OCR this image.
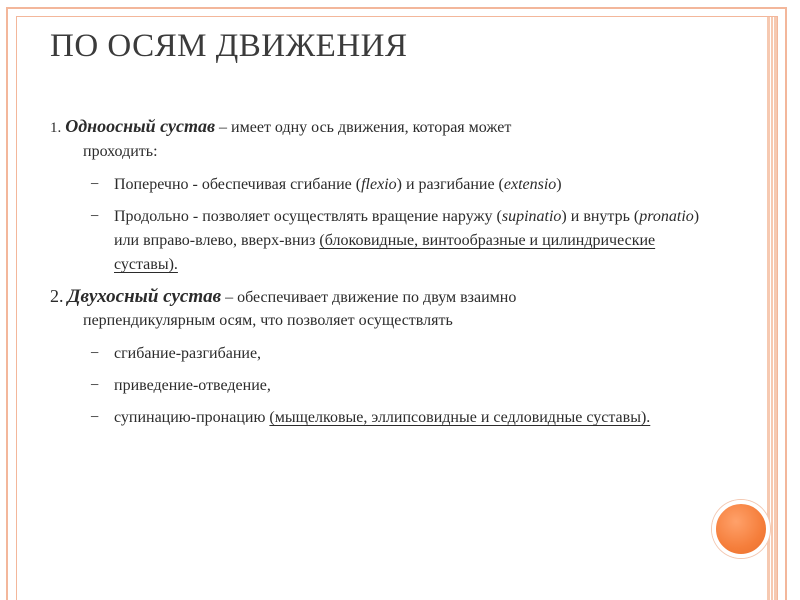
ПО ОСЯМ ДВИЖЕНИЯ
1. Одноосный сустав – имеет одну ось движения, которая может
проходить:
− Поперечно - обеспечивая сгибание (flexio) и разгибание (extensio)
− Продольно - позволяет осуществлять вращение наружу (supinatio) и внутрь (pronatio) или вправо-влево, вверх-вниз (блоковидные, винтообразные и цилиндрические суставы).
2. Двухосный сустав – обеспечивает движение по двум взаимно
перпендикулярным осям, что позволяет осуществлять
− сгибание-разгибание,
− приведение-отведение,
− супинацию-пронацию (мыщелковые, эллипсовидные и седловидные суставы).
